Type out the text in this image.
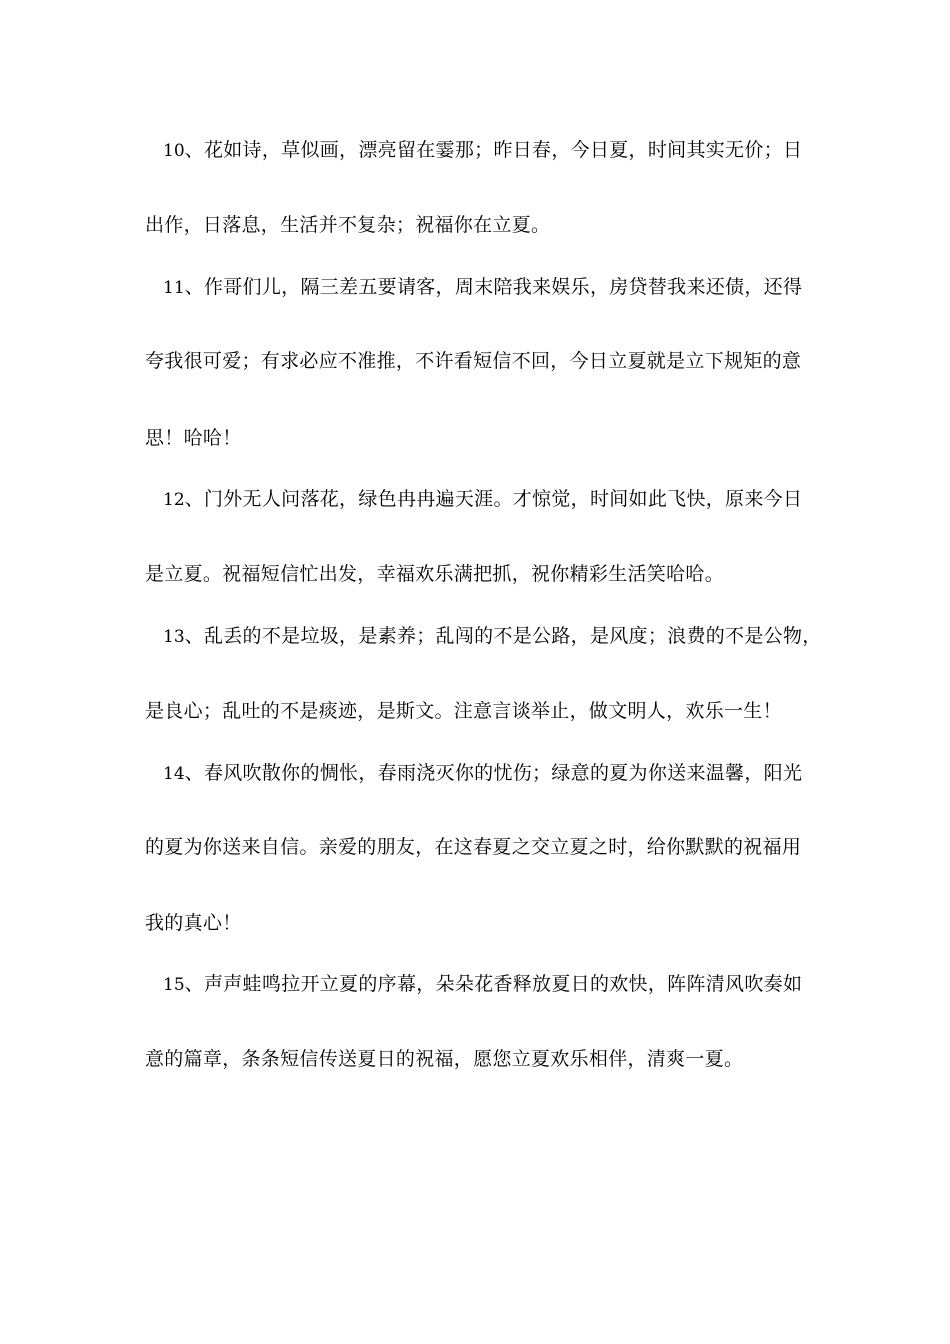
10、花如诗，草似画，漂亮留在霎那；昨日春，今日夏，时间其实无价；日
出作，日落息，生活并不复杂；祝福你在立夏。
11、作哥们儿，隔三差五要请客，周末陪我来娱乐，房贷替我来还债，还得
夸我很可爱；有求必应不准推，不许看短信不回，今日立夏就是立下规矩的意
思！哈哈！
12、门外无人问落花，绿色冉冉遍天涯。才惊觉，时间如此飞快，原来今日
是立夏。祝福短信忙出发，幸福欢乐满把抓，祝你精彩生活笑哈哈。
13、乱丢的不是垃圾，是素养；乱闯的不是公路，是风度；浪费的不是公物，
是良心；乱吐的不是痰迹，是斯文。注意言谈举止，做文明人，欢乐一生！
14、春风吹散你的惆怅，春雨浇灭你的忧伤；绿意的夏为你送来温馨，阳光
的夏为你送来自信。亲爱的朋友，在这春夏之交立夏之时，给你默默的祝福用
我的真心！
15、声声蛙鸣拉开立夏的序幕，朵朵花香释放夏日的欢快，阵阵清风吹奏如
意的篇章，条条短信传送夏日的祝福，愿您立夏欢乐相伴，清爽一夏。
